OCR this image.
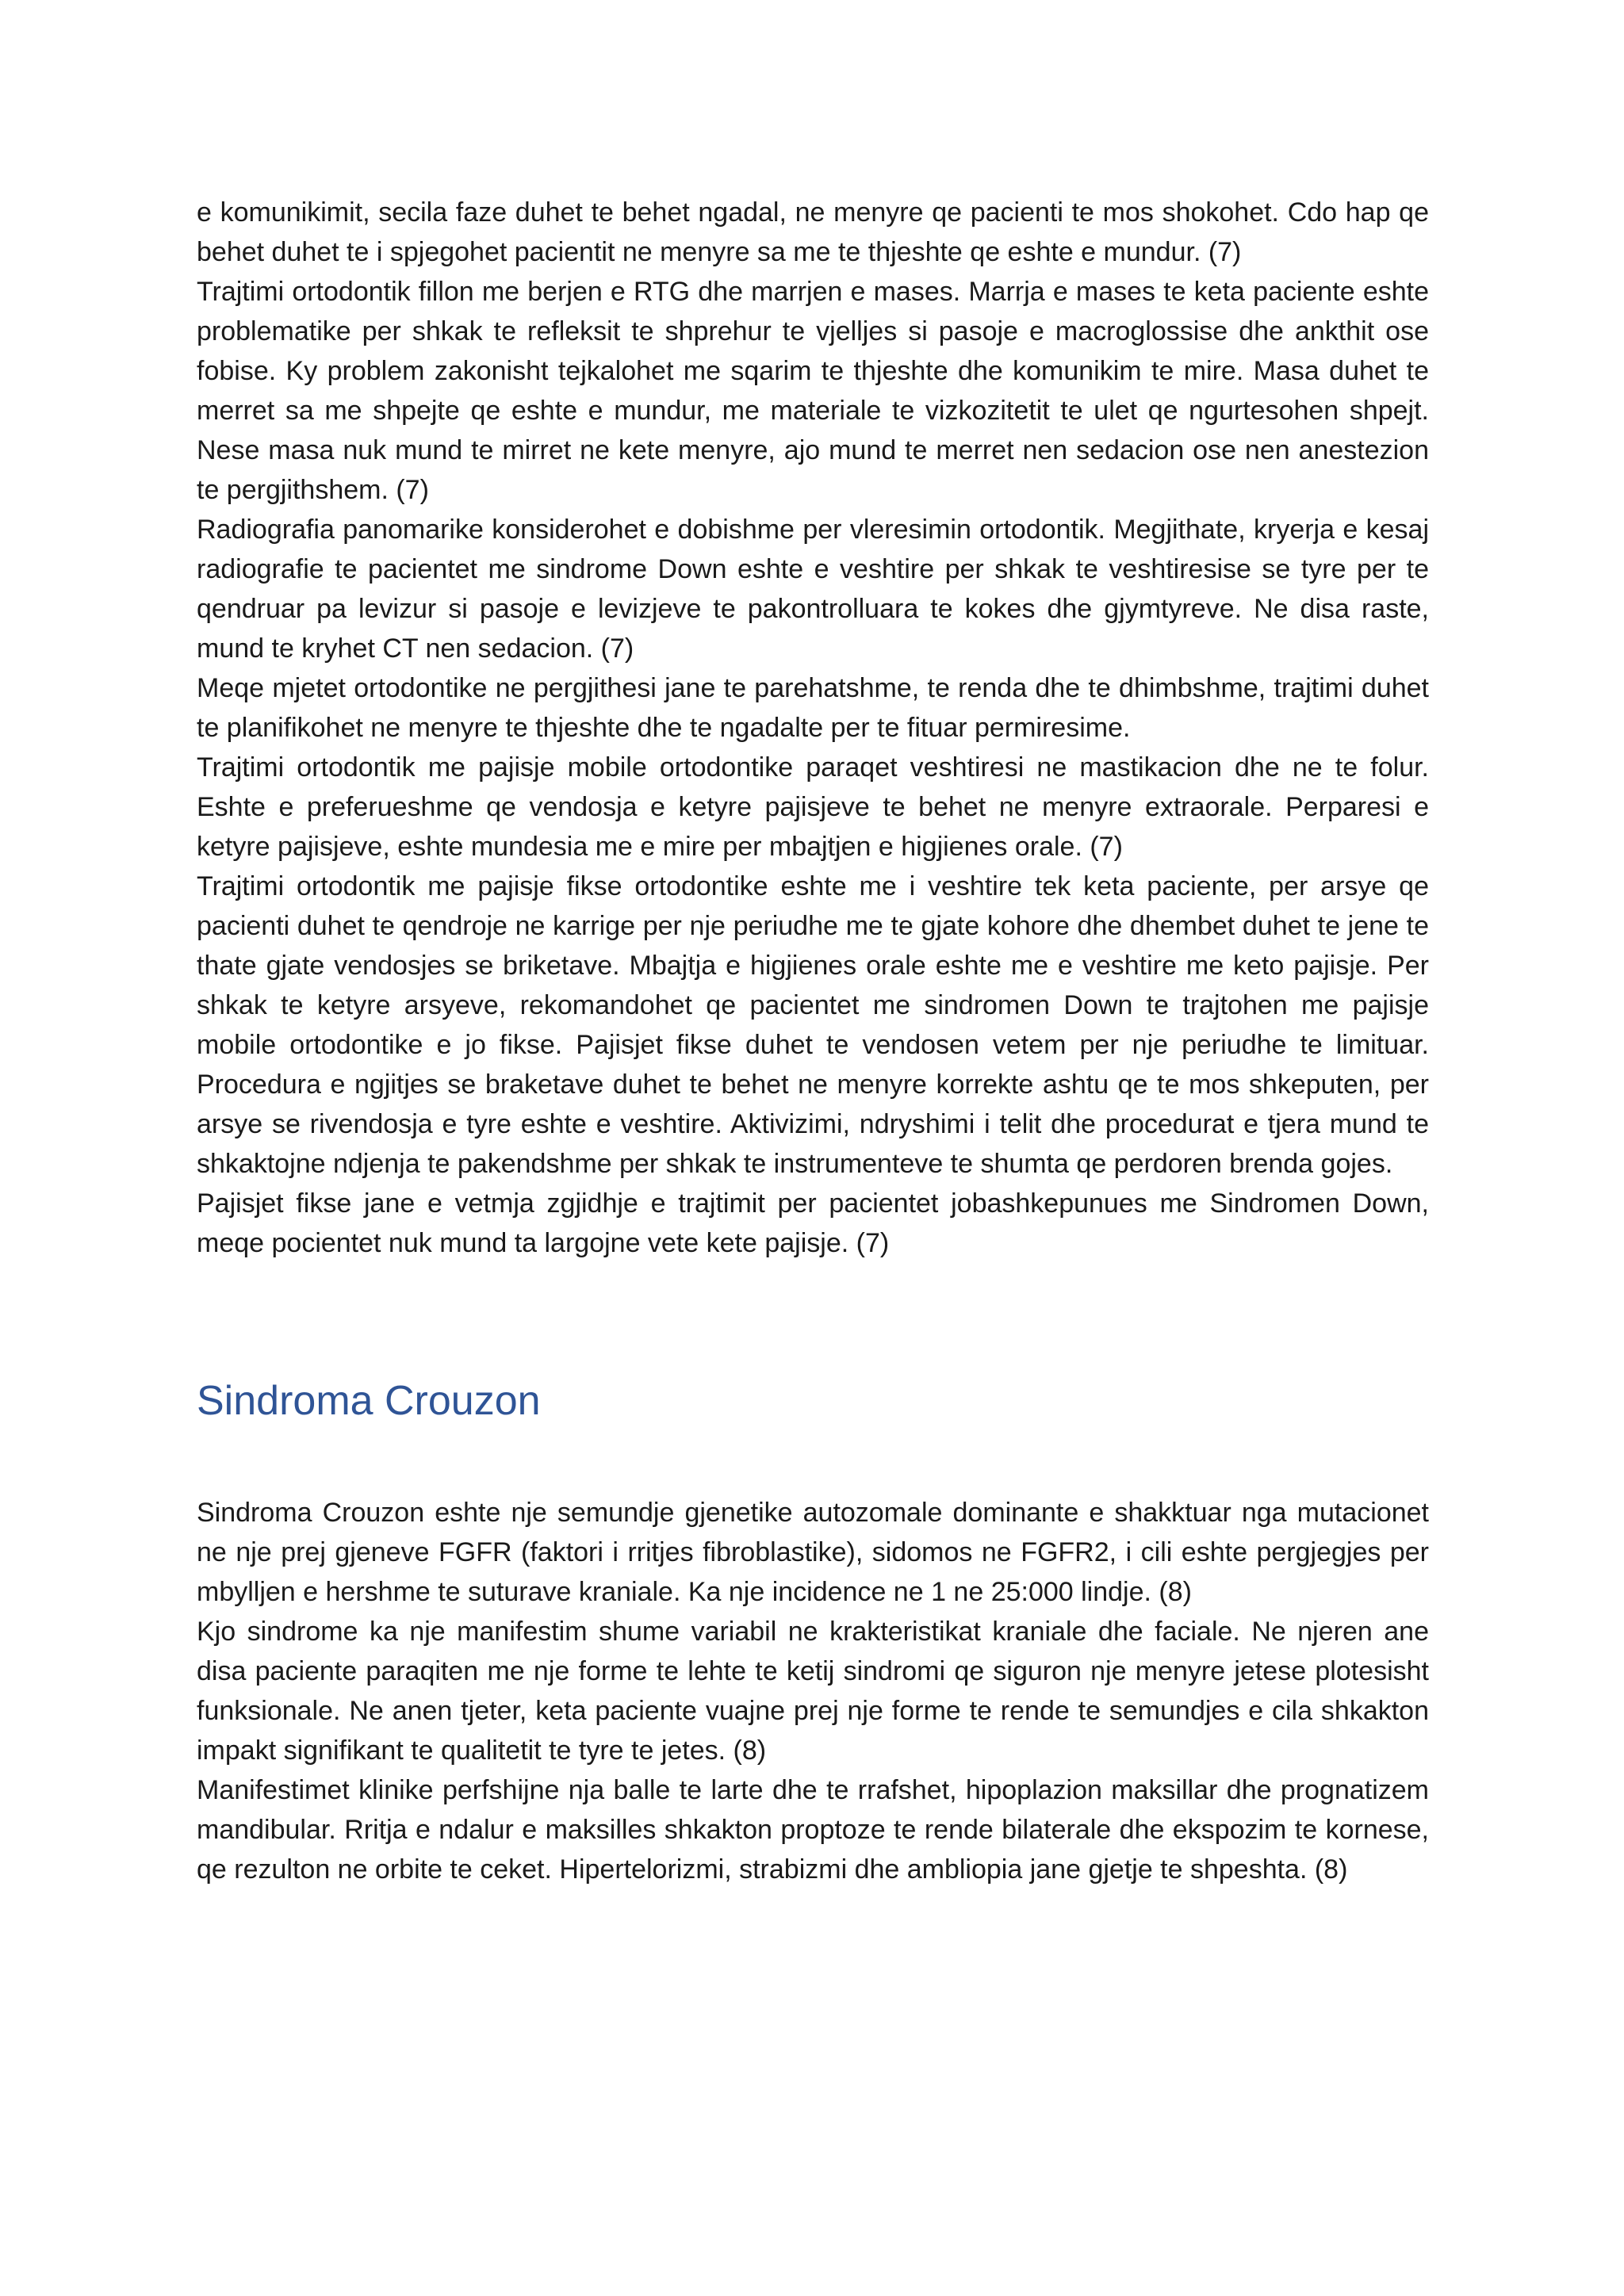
e komunikimit, secila faze duhet te behet ngadal, ne menyre qe pacienti te mos shokohet. Cdo hap qe behet duhet te i spjegohet pacientit ne menyre sa me te thjeshte qe eshte e mundur. (7)

Trajtimi ortodontik fillon me berjen e RTG dhe marrjen e mases. Marrja e mases te keta paciente eshte problematike per shkak te refleksit te shprehur te vjelljes si pasoje e macroglossise dhe ankthit ose fobise. Ky problem zakonisht tejkalohet me sqarim te thjeshte dhe komunikim te mire. Masa duhet te merret sa me shpejte qe eshte e mundur, me materiale te vizkozitetit te ulet qe ngurtesohen shpejt. Nese masa nuk mund te mirret ne kete menyre, ajo mund te merret nen sedacion ose nen anestezion te pergjithshem. (7)

Radiografia panomarike konsiderohet e dobishme per vleresimin ortodontik. Megjithate, kryerja e kesaj radiografie te pacientet me sindrome Down eshte e veshtire per shkak te veshtiresise se tyre per te qendruar pa levizur si pasoje e levizjeve te pakontrolluara te kokes dhe gjymtyreve. Ne disa raste, mund te kryhet CT nen sedacion. (7)

Meqe mjetet ortodontike ne pergjithesi jane te parehatshme, te renda dhe te dhimbshme, trajtimi duhet te planifikohet ne menyre te thjeshte dhe te ngadalte per te fituar permiresime.

Trajtimi ortodontik me pajisje mobile ortodontike paraqet veshtiresi ne mastikacion dhe ne te folur. Eshte e preferueshme qe vendosja e ketyre pajisjeve te behet ne menyre extraorale. Perparesi e ketyre pajisjeve, eshte mundesia me e mire per mbajtjen e higjienes orale. (7)

Trajtimi ortodontik me pajisje fikse ortodontike eshte me i veshtire tek keta paciente, per arsye qe pacienti duhet te qendroje ne karrige per nje periudhe me te gjate kohore dhe dhembet duhet te jene te thate gjate vendosjes se briketave. Mbajtja e higjienes orale eshte me e veshtire me keto pajisje. Per shkak te ketyre arsyeve, rekomandohet qe pacientet me sindromen Down te trajtohen me pajisje mobile ortodontike e jo fikse. Pajisjet fikse duhet te vendosen vetem per nje periudhe te limituar. Procedura e ngjitjes se braketave duhet te behet ne menyre korrekte ashtu qe te mos shkeputen, per arsye se rivendosja e tyre eshte e veshtire. Aktivizimi, ndryshimi i telit dhe procedurat e tjera mund te shkaktojne ndjenja te pakendshme per shkak te instrumenteve te shumta qe perdoren brenda gojes.

Pajisjet fikse jane e vetmja zgjidhje e trajtimit per pacientet jobashkepunues me Sindromen Down, meqe pocientet nuk mund ta largojne vete kete pajisje. (7)

Sindroma Crouzon

Sindroma Crouzon eshte nje semundje gjenetike autozomale dominante e shakktuar nga mutacionet ne nje prej gjeneve FGFR (faktori i rritjes fibroblastike), sidomos ne FGFR2, i cili eshte pergjegjes per mbylljen e hershme te suturave kraniale. Ka nje incidence ne 1 ne 25:000 lindje. (8)

Kjo sindrome ka nje manifestim shume variabil ne krakteristikat kraniale dhe faciale. Ne njeren ane disa paciente paraqiten me nje forme te lehte te ketij sindromi qe siguron nje menyre jetese plotesisht funksionale. Ne anen tjeter, keta paciente vuajne prej nje forme te rende te semundjes e cila shkakton impakt signifikant te qualitetit te tyre te jetes. (8)

Manifestimet klinike perfshijne nja balle te larte dhe te rrafshet, hipoplazion maksillar dhe prognatizem mandibular. Rritja e ndalur e maksilles shkakton proptoze te rende bilaterale dhe ekspozim te kornese, qe rezulton ne orbite te ceket. Hipertelorizmi, strabizmi dhe ambliopia jane gjetje te shpeshta. (8)
